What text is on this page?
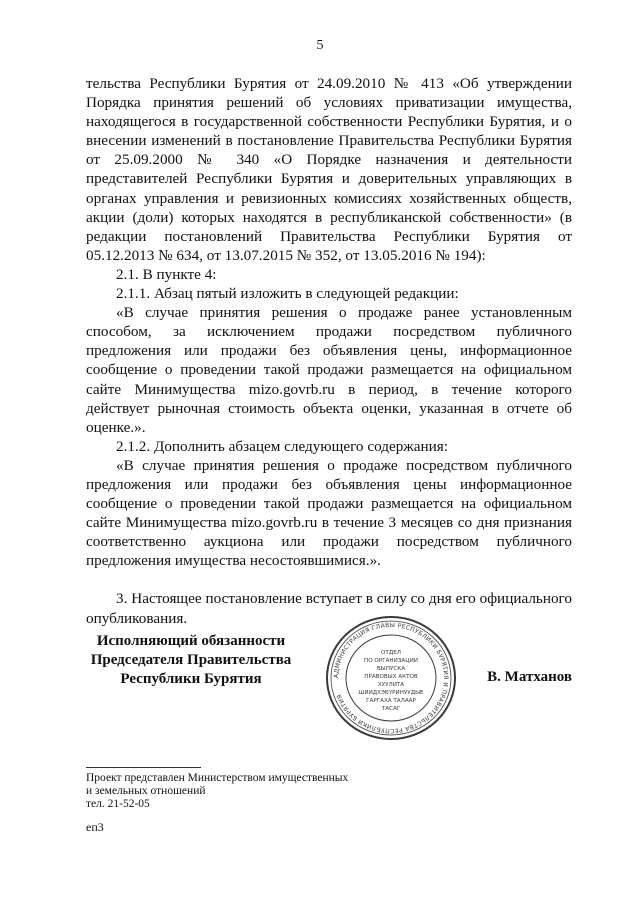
5

тельства Республики Бурятия от 24.09.2010 № 413 «Об утверждении Порядка принятия решений об условиях приватизации имущества, находящегося в государственной собственности Республики Бурятия, и о внесении изменений в постановление Правительства Республики Бурятия от 25.09.2000 № 340 «О Порядке назначения и деятельности представителей Республики Бурятия и доверительных управляющих в органах управления и ревизионных комиссиях хозяйственных обществ, акции (доли) которых находятся в республиканской собственности» (в редакции постановлений Правительства Республики Бурятия от 05.12.2013 № 634, от 13.07.2015 № 352, от 13.05.2016 № 194):

2.1. В пункте 4:

2.1.1. Абзац пятый изложить в следующей редакции:

«В случае принятия решения о продаже ранее установленным способом, за исключением продажи посредством публичного предложения или продажи без объявления цены, информационное сообщение о проведении такой продажи размещается на официальном сайте Минимущества mizo.govrb.ru в период, в течение которого действует рыночная стоимость объекта оценки, указанная в отчете об оценке.».

2.1.2. Дополнить абзацем следующего содержания:

«В случае принятия решения о продаже посредством публичного предложения или продажи без объявления цены информационное сообщение о проведении такой продажи размещается на официальном сайте Минимущества mizo.govrb.ru в течение 3 месяцев со дня признания соответственно аукциона или продажи посредством публичного предложения имущества несостоявшимися.».

3. Настоящее постановление вступает в силу со дня его официального опубликования.

Исполняющий обязанности
Председателя Правительства
Республики Бурятия	АДМИНИСТРАЦИЯ ГЛАВЫ РЕСПУБЛИКИ БУРЯТИЯ И ПРАВИТЕЛЬСТВА РЕСПУБЛИКИ БУРЯТИЯ
ОТДЕЛ
ПО ОРГАНИЗАЦИИ
ВЫПУСКА
ПРАВОВЫХ АКТОВ
ХУУЛИТА
ШИИДХЭБҮРИНУУДЫЕ
ГАРГАХА ТАЛААР
ТАСАГ
В. Матханов
Проект представлен Министерством имущественных
и земельных отношений
тел. 21-52-05
еп3
